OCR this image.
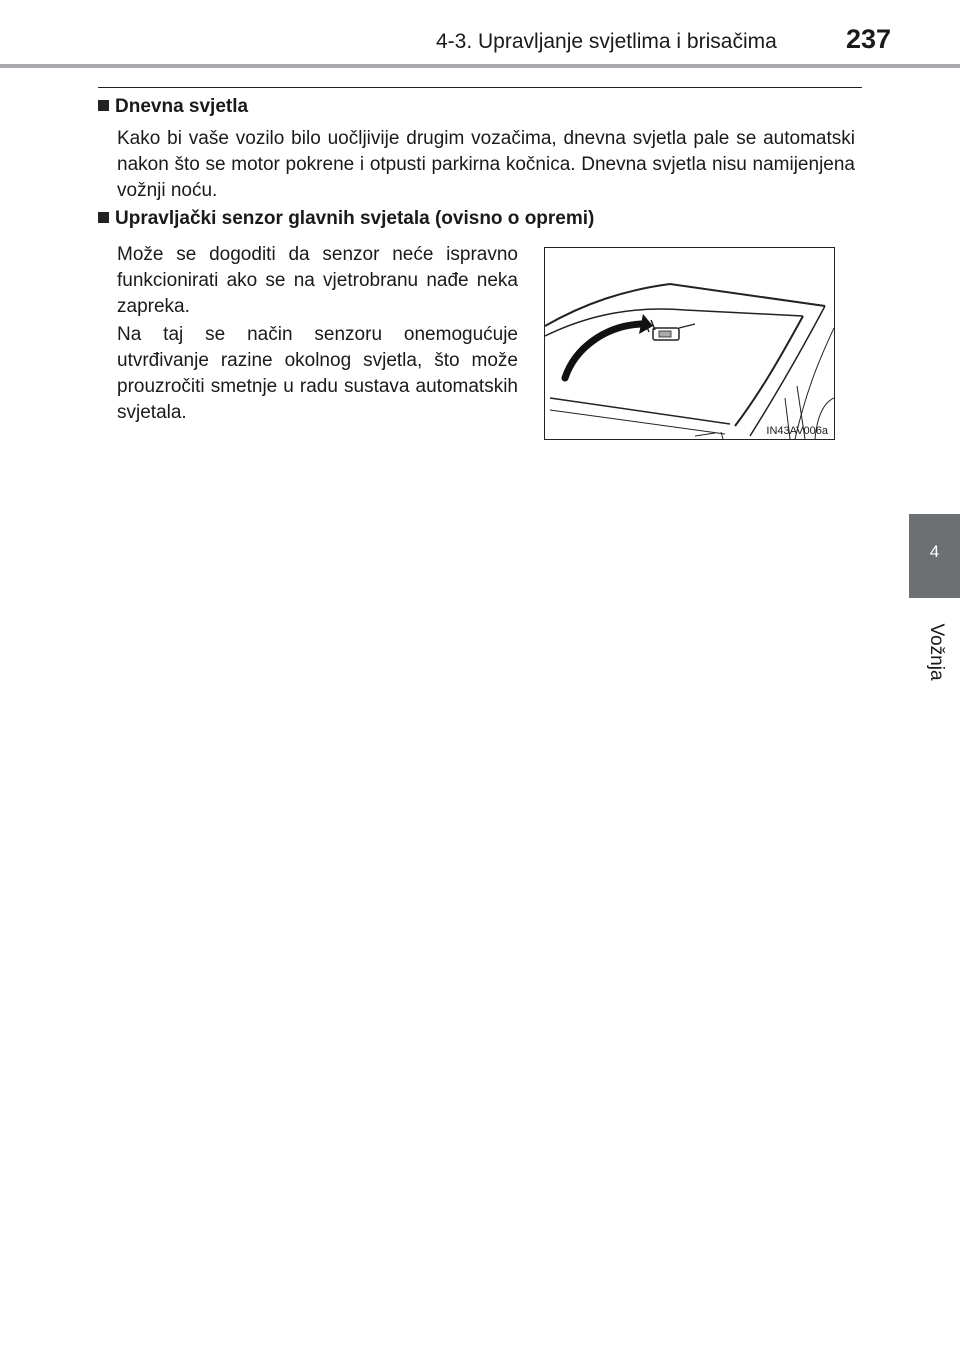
4-3. Upravljanje svjetlima i brisačima	237
4
Vožnja
Dnevna svjetla

Kako bi vaše vozilo bilo uočljivije drugim vozačima, dnevna svjetla pale se automatski nakon što se motor pokrene i otpusti parkirna kočnica. Dnevna svjetla nisu namijenjena vožnji noću.

Upravljački senzor glavnih svjetala (ovisno o opremi)

Može se dogoditi da senzor neće ispravno funkcionirati ako se na vjetrobranu nađe neka zapreka.

Na taj se način senzoru onemogućuje utvrđivanje razine okolnog svjetla, što može prouzročiti smetnje u radu sustava automatskih svjetala.

IN43AV006a
